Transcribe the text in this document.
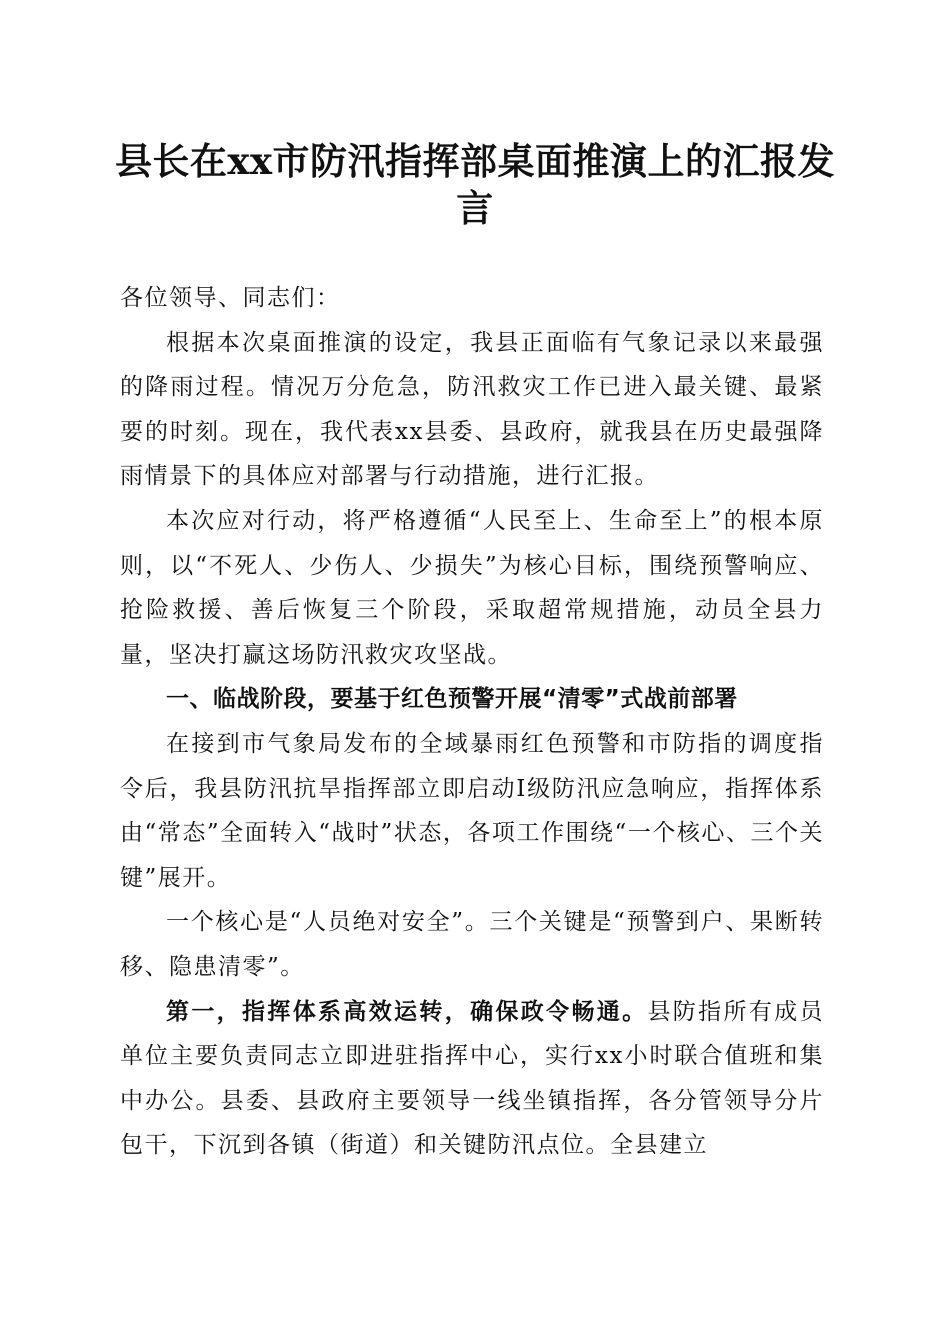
县长在xx市防汛指挥部桌面推演上的汇报发言

各位领导、同志们：

根据本次桌面推演的设定，我县正面临有气象记录以来最强的降雨过程。情况万分危急，防汛救灾工作已进入最关键、最紧要的时刻。现在，我代表xx县委、县政府，就我县在历史最强降雨情景下的具体应对部署与行动措施，进行汇报。

本次应对行动，将严格遵循“人民至上、生命至上”的根本原则，以“不死人、少伤人、少损失”为核心目标，围绕预警响应、抢险救援、善后恢复三个阶段，采取超常规措施，动员全县力量，坚决打赢这场防汛救灾攻坚战。

一、临战阶段，要基于红色预警开展“清零”式战前部署

在接到市气象局发布的全域暴雨红色预警和市防指的调度指令后，我县防汛抗旱指挥部立即启动Ⅰ级防汛应急响应，指挥体系由“常态”全面转入“战时”状态，各项工作围绕“一个核心、三个关键”展开。

一个核心是“人员绝对安全”。三个关键是“预警到户、果断转移、隐患清零”。

第一，指挥体系高效运转，确保政令畅通。县防指所有成员单位主要负责同志立即进驻指挥中心，实行xx小时联合值班和集中办公。县委、县政府主要领导一线坐镇指挥，各分管领导分片包干，下沉到各镇（街道）和关键防汛点位。全县建立
